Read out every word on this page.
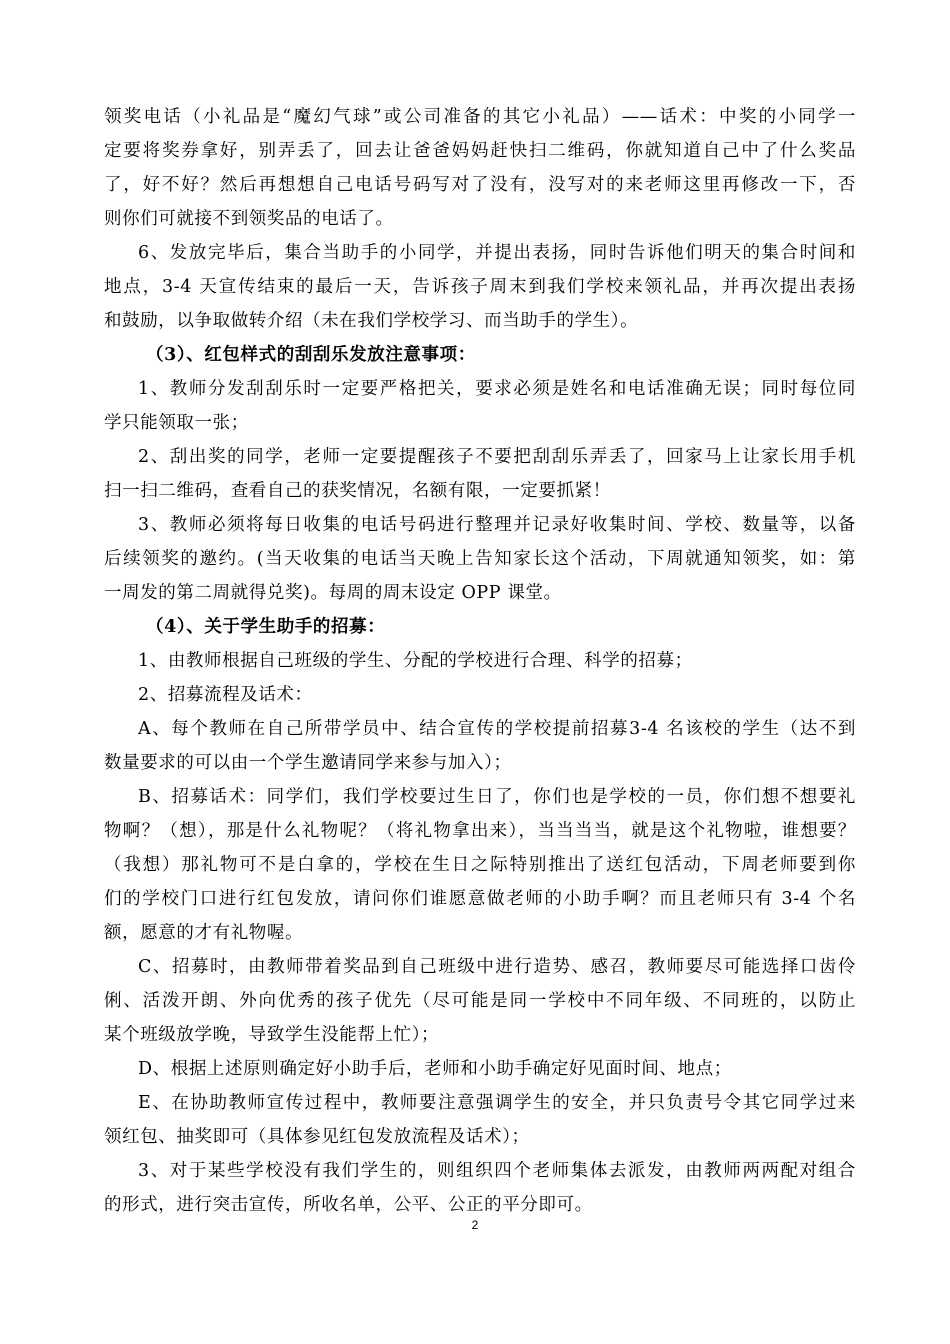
领奖电话（小礼品是“魔幻气球”或公司准备的其它小礼品）——话术：中奖的小同学一
定要将奖券拿好，别弄丢了，回去让爸爸妈妈赶快扫二维码，你就知道自己中了什么奖品
了，好不好？然后再想想自己电话号码写对了没有，没写对的来老师这里再修改一下，否
则你们可就接不到领奖品的电话了。
6、发放完毕后，集合当助手的小同学，并提出表扬，同时告诉他们明天的集合时间和
地点，3-4 天宣传结束的最后一天，告诉孩子周末到我们学校来领礼品，并再次提出表扬
和鼓励，以争取做转介绍（未在我们学校学习、而当助手的学生）。
（3）、红包样式的刮刮乐发放注意事项：
1、教师分发刮刮乐时一定要严格把关，要求必须是姓名和电话准确无误；同时每位同
学只能领取一张；
2、刮出奖的同学，老师一定要提醒孩子不要把刮刮乐弄丢了，回家马上让家长用手机
扫一扫二维码，查看自己的获奖情况，名额有限，一定要抓紧！
3、教师必须将每日收集的电话号码进行整理并记录好收集时间、学校、数量等，以备
后续领奖的邀约。(当天收集的电话当天晚上告知家长这个活动，下周就通知领奖，如：第
一周发的第二周就得兑奖)。每周的周末设定 OPP 课堂。
（4）、关于学生助手的招募：
1、由教师根据自己班级的学生、分配的学校进行合理、科学的招募；
2、招募流程及话术：
A、每个教师在自己所带学员中、结合宣传的学校提前招募3-4 名该校的学生（达不到
数量要求的可以由一个学生邀请同学来参与加入）；
B、招募话术：同学们，我们学校要过生日了，你们也是学校的一员，你们想不想要礼
物啊？（想），那是什么礼物呢？（将礼物拿出来），当当当当，就是这个礼物啦，谁想要？
（我想）那礼物可不是白拿的，学校在生日之际特别推出了送红包活动，下周老师要到你
们的学校门口进行红包发放，请问你们谁愿意做老师的小助手啊？而且老师只有 3-4 个名
额，愿意的才有礼物喔。
C、招募时，由教师带着奖品到自己班级中进行造势、感召，教师要尽可能选择口齿伶
俐、活泼开朗、外向优秀的孩子优先（尽可能是同一学校中不同年级、不同班的，以防止
某个班级放学晚，导致学生没能帮上忙）；
D、根据上述原则确定好小助手后，老师和小助手确定好见面时间、地点；
E、在协助教师宣传过程中，教师要注意强调学生的安全，并只负责号令其它同学过来
领红包、抽奖即可（具体参见红包发放流程及话术）；
3、对于某些学校没有我们学生的，则组织四个老师集体去派发，由教师两两配对组合
的形式，进行突击宣传，所收名单，公平、公正的平分即可。
2
